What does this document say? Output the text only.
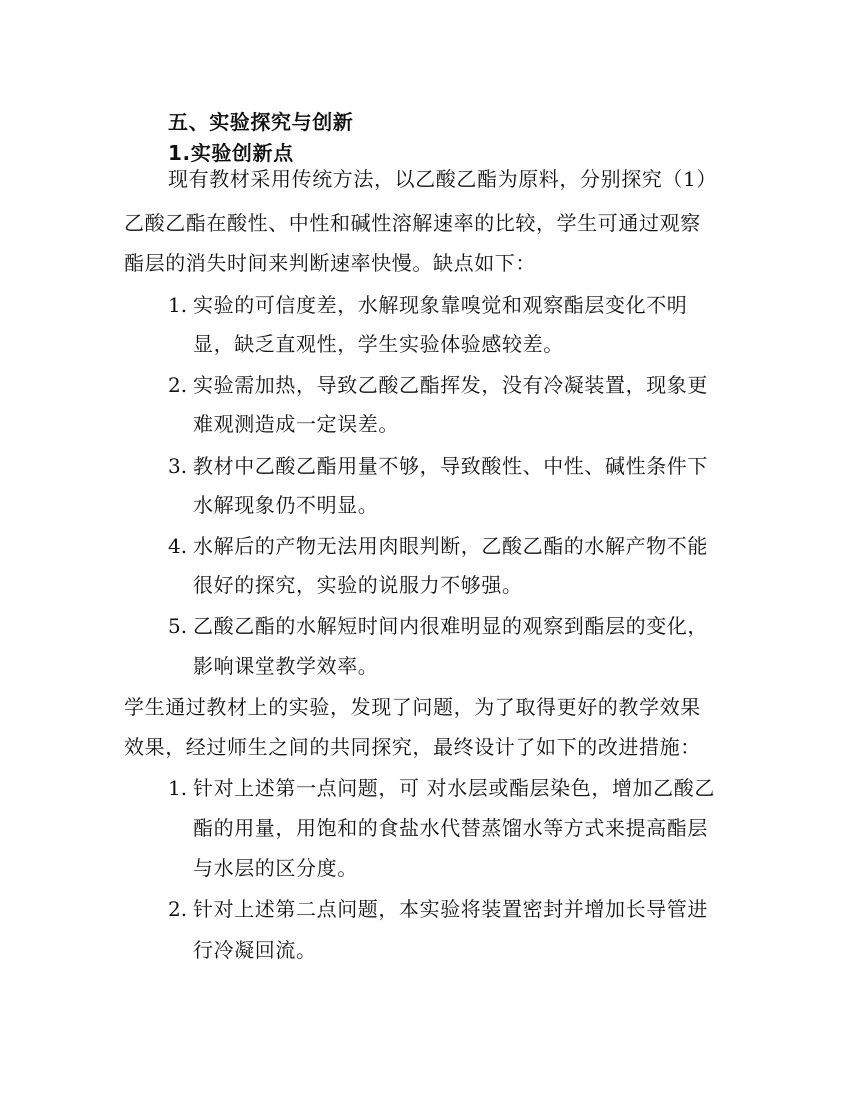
五、实验探究与创新
1.实验创新点
现有教材采用传统方法，以乙酸乙酯为原料，分别探究（1）
乙酸乙酯在酸性、中性和碱性溶解速率的比较，学生可通过观察
酯层的消失时间来判断速率快慢。缺点如下：
1. 实验的可信度差，水解现象靠嗅觉和观察酯层变化不明
显，缺乏直观性，学生实验体验感较差。
2. 实验需加热，导致乙酸乙酯挥发，没有冷凝装置，现象更
难观测造成一定误差。
3. 教材中乙酸乙酯用量不够，导致酸性、中性、碱性条件下
水解现象仍不明显。
4. 水解后的产物无法用肉眼判断，乙酸乙酯的水解产物不能
很好的探究，实验的说服力不够强。
5. 乙酸乙酯的水解短时间内很难明显的观察到酯层的变化，
影响课堂教学效率。
学生通过教材上的实验，发现了问题，为了取得更好的教学效果
效果，经过师生之间的共同探究，最终设计了如下的改进措施：
1. 针对上述第一点问题，可 对水层或酯层染色，增加乙酸乙
酯的用量，用饱和的食盐水代替蒸馏水等方式来提高酯层
与水层的区分度。
2. 针对上述第二点问题，本实验将装置密封并增加长导管进
行冷凝回流。
